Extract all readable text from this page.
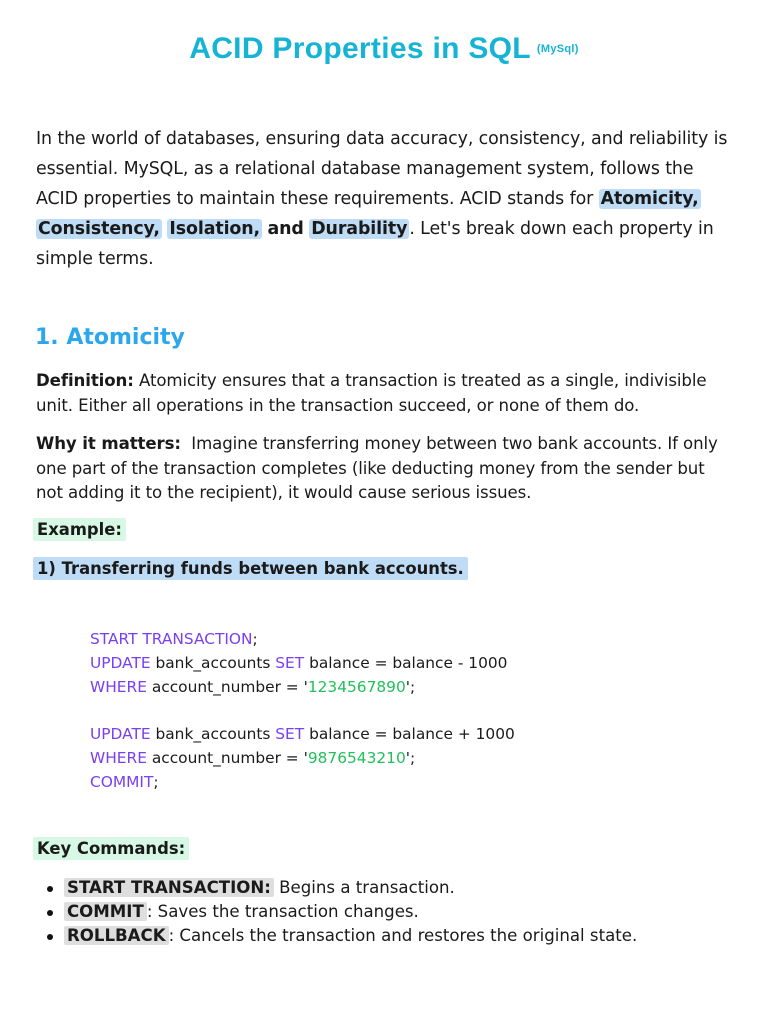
ACID Properties in SQL $^{(MySql)}$

In the world of databases, ensuring data accuracy, consistency, and reliability is essential. MySQL, as a relational database management system, follows the ACID properties to maintain these requirements. ACID stands for Atomicity, Consistency, Isolation, and Durability . Let's break down each property in simple terms.

1. Atomicity

Definition: Atomicity ensures that a transaction is treated as a single, indivisible unit. Either all operations in the transaction succeed, or none of them do.

Why it matters: Imagine transferring money between two bank accounts. If only one part of the transaction completes (like deducting money from the sender but not adding it to the recipient), it would cause serious issues.

Example:

1) Transferring funds between bank accounts.

START TRANSACTION;
UPDATE bank_accounts SET balance = balance - 1000
WHERE account_number = '1234567890';
UPDATE bank_accounts SET balance = balance + 1000
WHERE account_number = '9876543210';
COMMIT;

Key Commands:

START TRANSACTION: Begins a transaction.
COMMIT : Saves the transaction changes.
ROLLBACK : Cancels the transaction and restores the original state.
